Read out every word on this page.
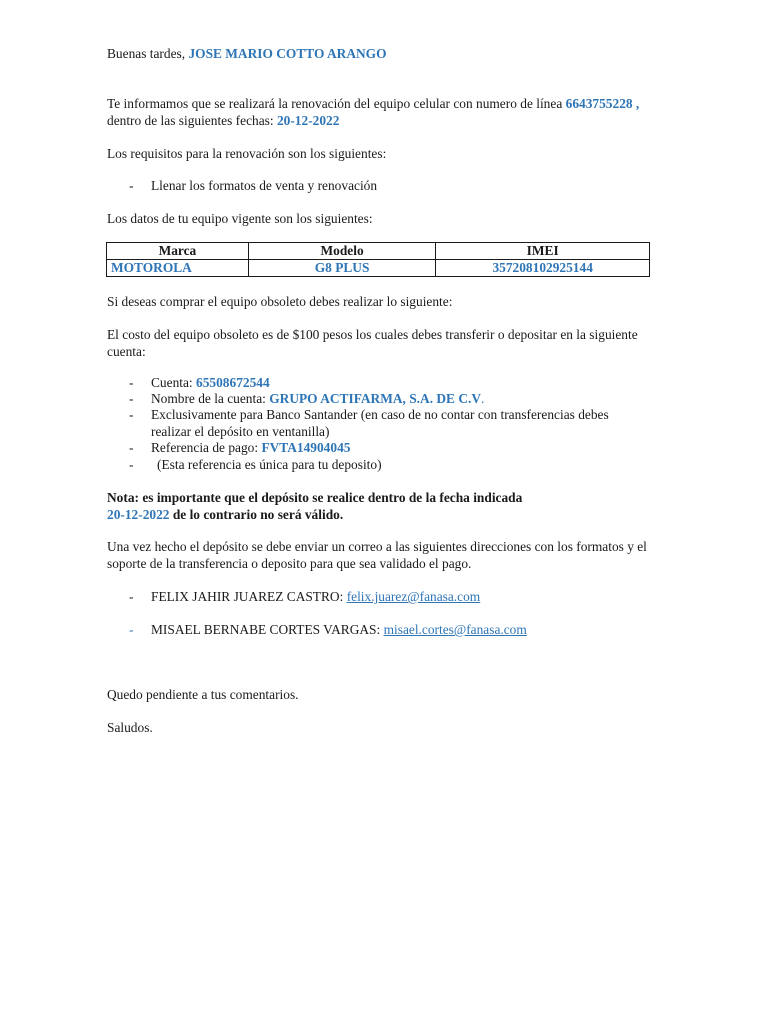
Buenas tardes, JOSE MARIO COTTO ARANGO
Te informamos que se realizará la renovación del equipo celular con numero de línea 6643755228 ,
dentro de las siguientes fechas: 20-12-2022
Los requisitos para la renovación son los siguientes:
- Llenar los formatos de venta y renovación
Los datos de tu equipo vigente son los siguientes:
Marca	Modelo	IMEI
MOTOROLA	G8 PLUS	357208102925144
Si deseas comprar el equipo obsoleto debes realizar lo siguiente:
El costo del equipo obsoleto es de $100 pesos los cuales debes transferir o depositar en la siguiente cuenta:
- Cuenta: 65508672544
- Nombre de la cuenta: GRUPO ACTIFARMA, S.A. DE C.V.
- Exclusivamente para Banco Santander (en caso de no contar con transferencias debes realizar el depósito en ventanilla)
- Referencia de pago: FVTA14904045
- (Esta referencia es única para tu deposito)
Nota: es importante que el depósito se realice dentro de la fecha indicada
20-12-2022 de lo contrario no será válido.
Una vez hecho el depósito se debe enviar un correo a las siguientes direcciones con los formatos y el soporte de la transferencia o deposito para que sea validado el pago.
- FELIX JAHIR JUAREZ CASTRO: felix.juarez@fanasa.com
- MISAEL BERNABE CORTES VARGAS: misael.cortes@fanasa.com
Quedo pendiente a tus comentarios.
Saludos.
